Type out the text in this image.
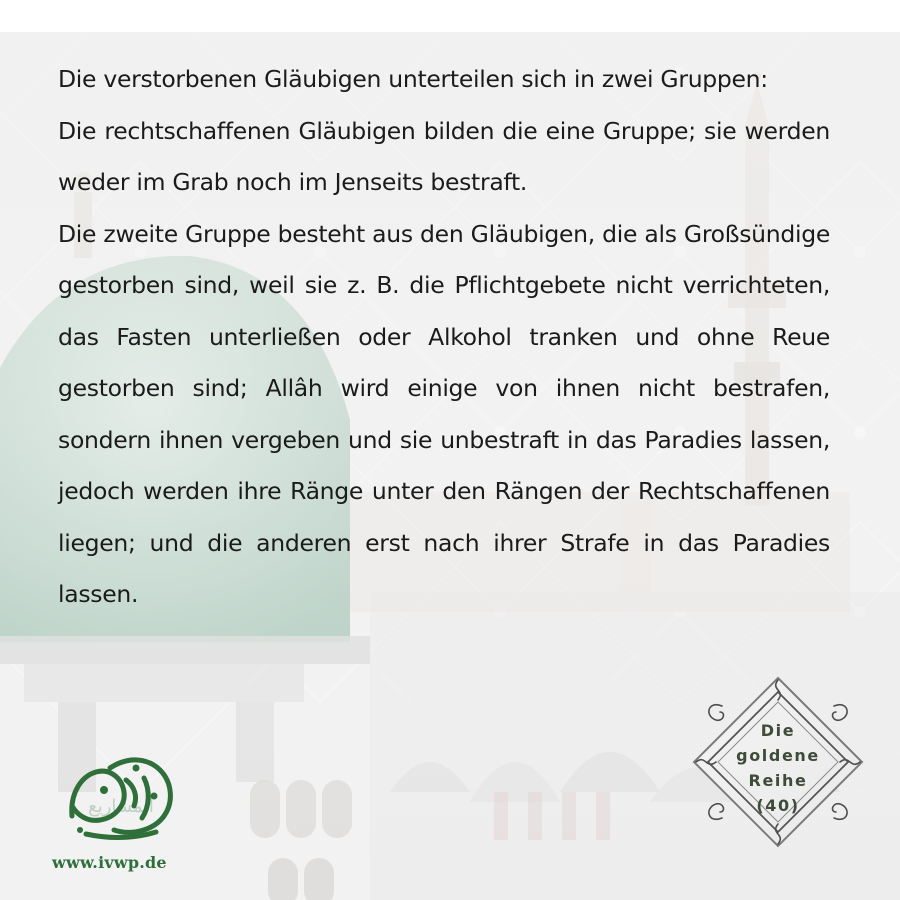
Die verstorbenen Gläubigen unterteilen sich in zwei Gruppen:

Die rechtschaffenen Gläubigen bilden die eine Gruppe; sie werden weder im Grab noch im Jenseits bestraft.

Die zweite Gruppe besteht aus den Gläubigen, die als Großsündige gestorben sind, weil sie z. B. die Pflichtgebete nicht verrichteten, das Fasten unterließen oder Alkohol tranken und ohne Reue gestorben sind; Allâh wird einige von ihnen nicht bestrafen, sondern ihnen vergeben und sie unbestraft in das Paradies lassen, jedoch werden ihre Ränge unter den Rängen der Rechtschaffenen liegen; und die anderen erst nach ihrer Strafe in das Paradies lassen.

المشاريع
www.ivwp.de
Die
goldene
Reihe
(40)
